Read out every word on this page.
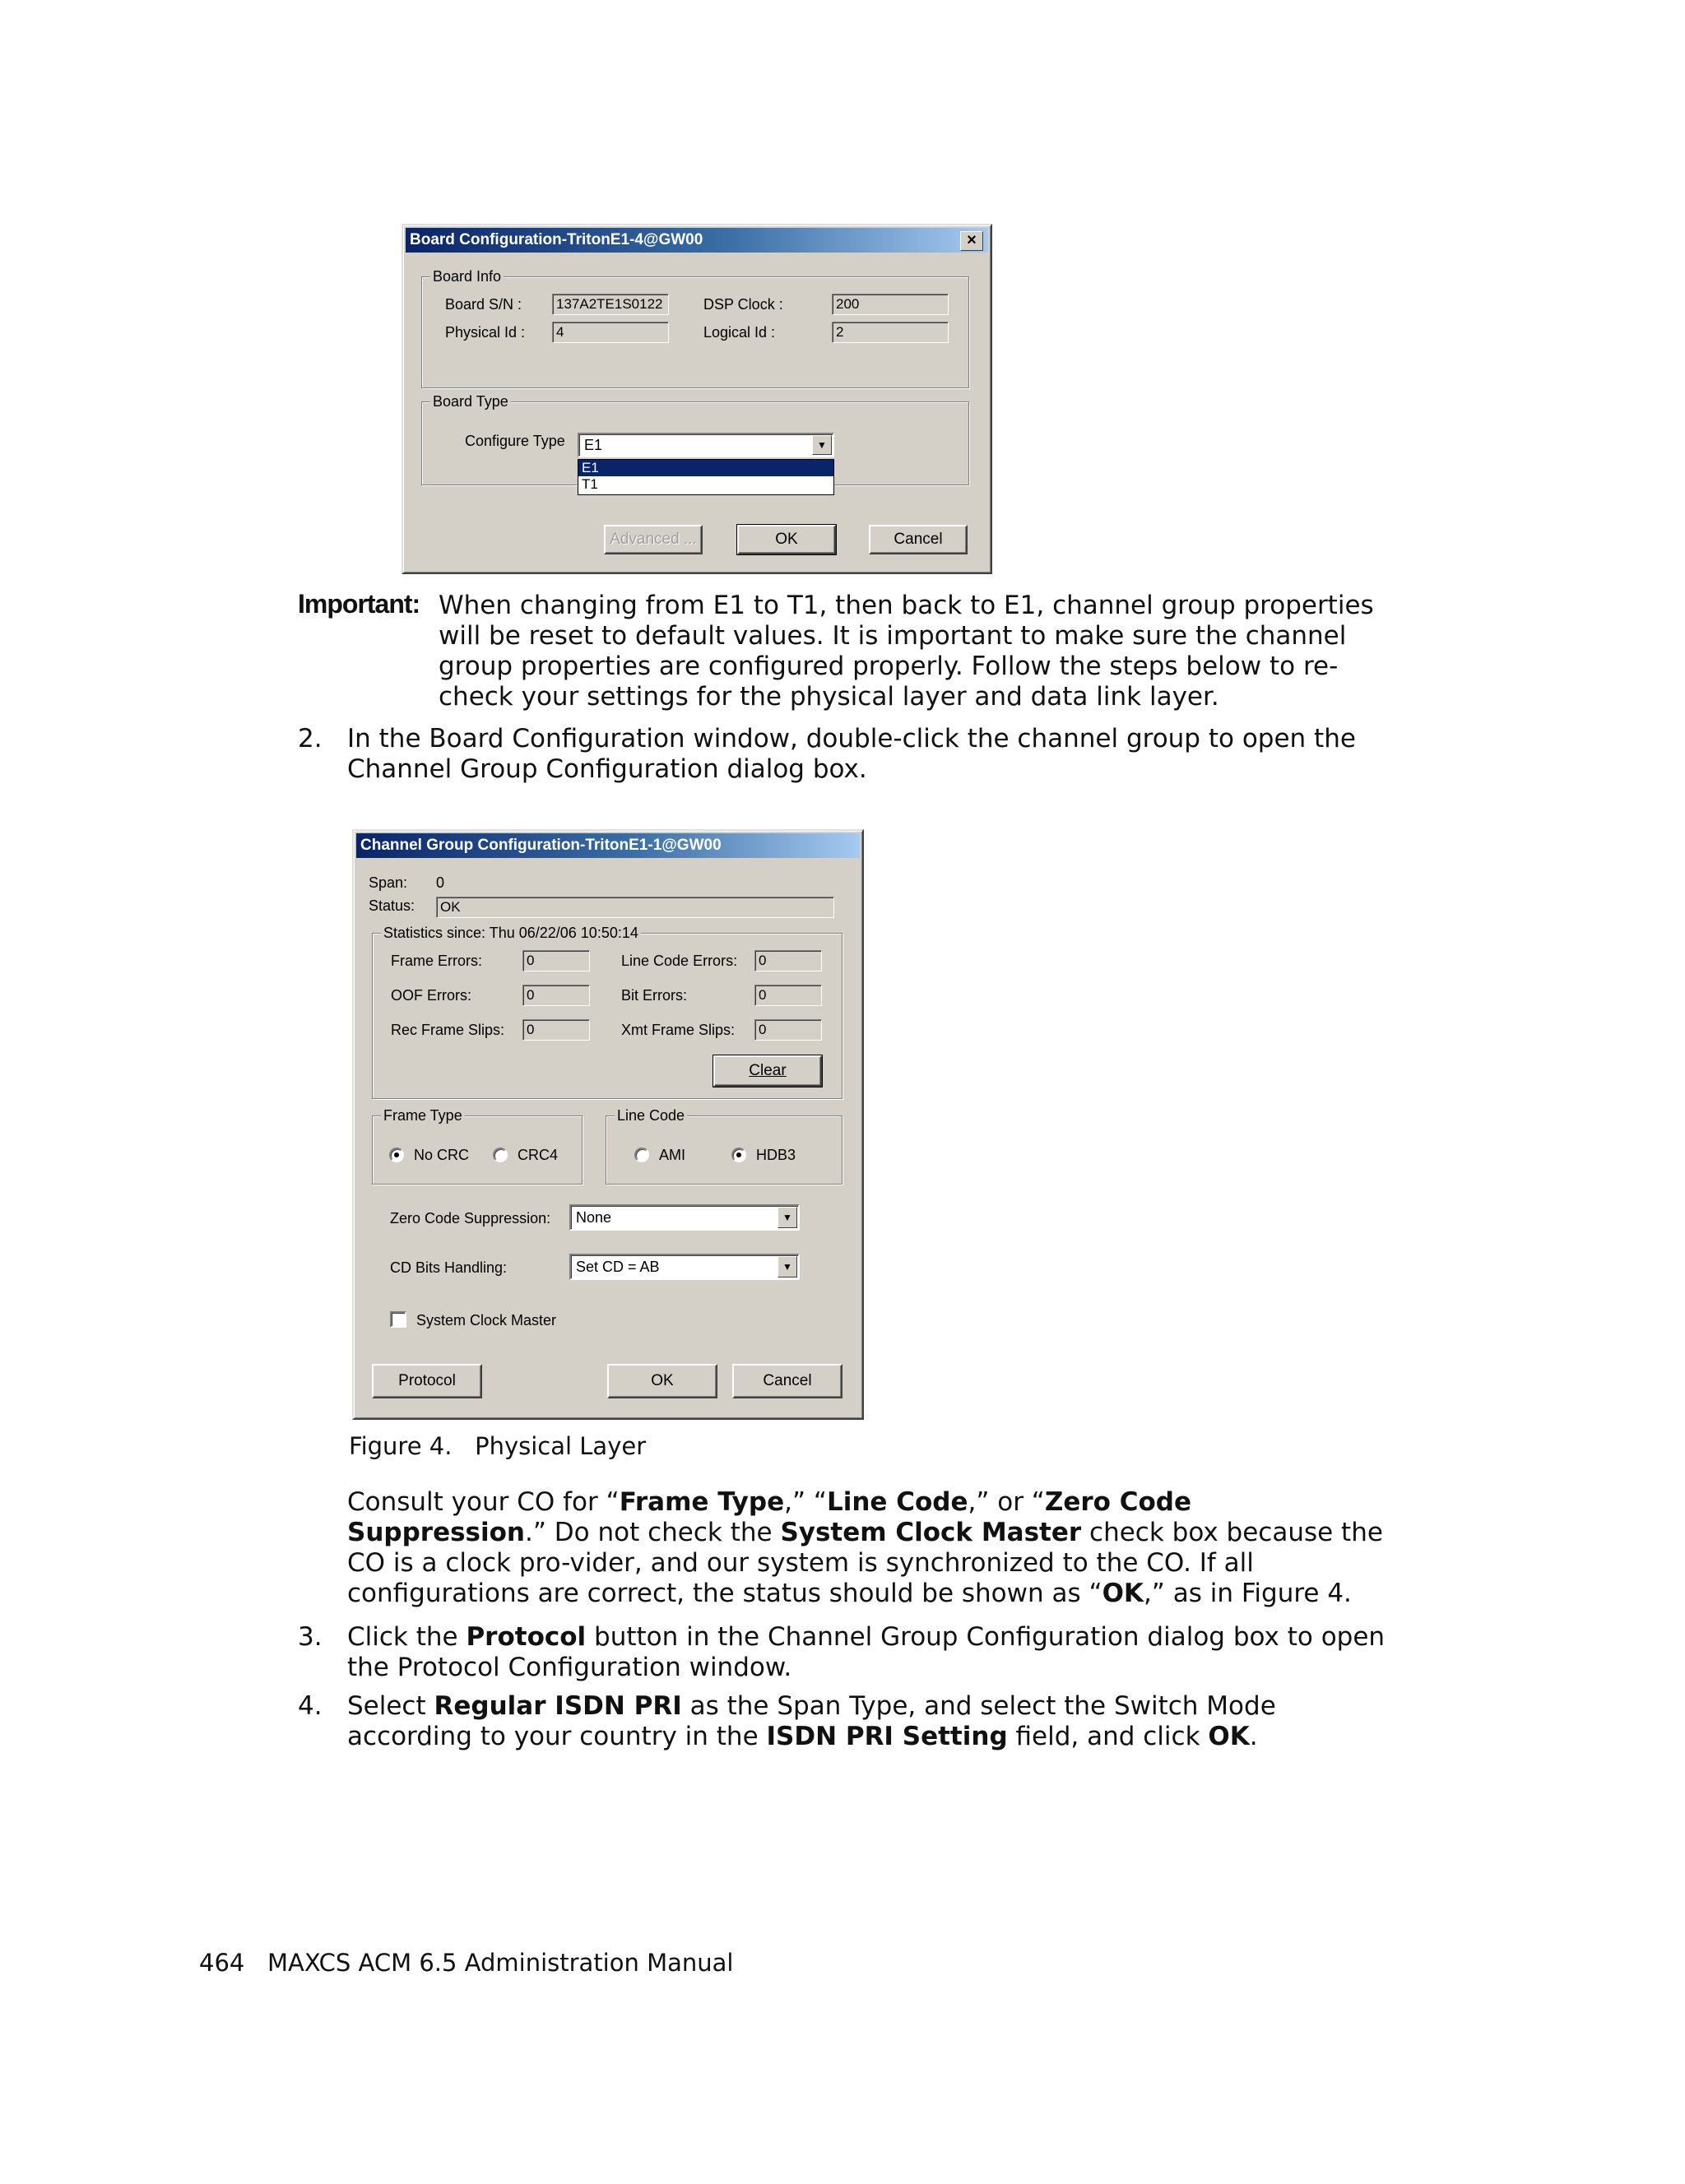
Board Configuration-TritonE1-4@GW00	×
Board Info
Board S/N : 137A2TE1S0122	DSP Clock :	200
Physical Id : 4	Logical Id :	2
Board Type
Configure Type	E1	▼
E1
T1
Advanced ...	OK	Cancel
Important: When changing from E1 to T1, then back to E1, channel group properties will be reset to default values. It is important to make sure the channel group properties are configured properly. Follow the steps below to re-check your settings for the physical layer and data link layer.
2. In the Board Configuration window, double-click the channel group to open the Channel Group Configuration dialog box.
Channel Group Configuration-TritonE1-1@GW00
Span: 0
Status: OK
Statistics since: Thu 06/22/06 10:50:14
Frame Errors:	0	Line Code Errors: 0
OOF Errors:	0	Bit Errors:	0
Rec Frame Slips: 0	Xmt Frame Slips: 0
Clear
Frame Type
No CRC	CRC4
Line Code
AMI	HDB3
Zero Code Suppression:	None	▼
CD Bits Handling:	Set CD = AB	▼
System Clock Master
Protocol	OK	Cancel
Figure 4. Physical Layer
Consult your CO for “Frame Type,” “Line Code,” or “Zero Code Suppression.” Do not check the System Clock Master check box because the CO is a clock pro-vider, and our system is synchronized to the CO. If all configurations are correct, the status should be shown as “OK,” as in Figure 4.
3. Click the Protocol button in the Channel Group Configuration dialog box to open the Protocol Configuration window.
4. Select Regular ISDN PRI as the Span Type, and select the Switch Mode according to your country in the ISDN PRI Setting field, and click OK.
464 MAXCS ACM 6.5 Administration Manual
